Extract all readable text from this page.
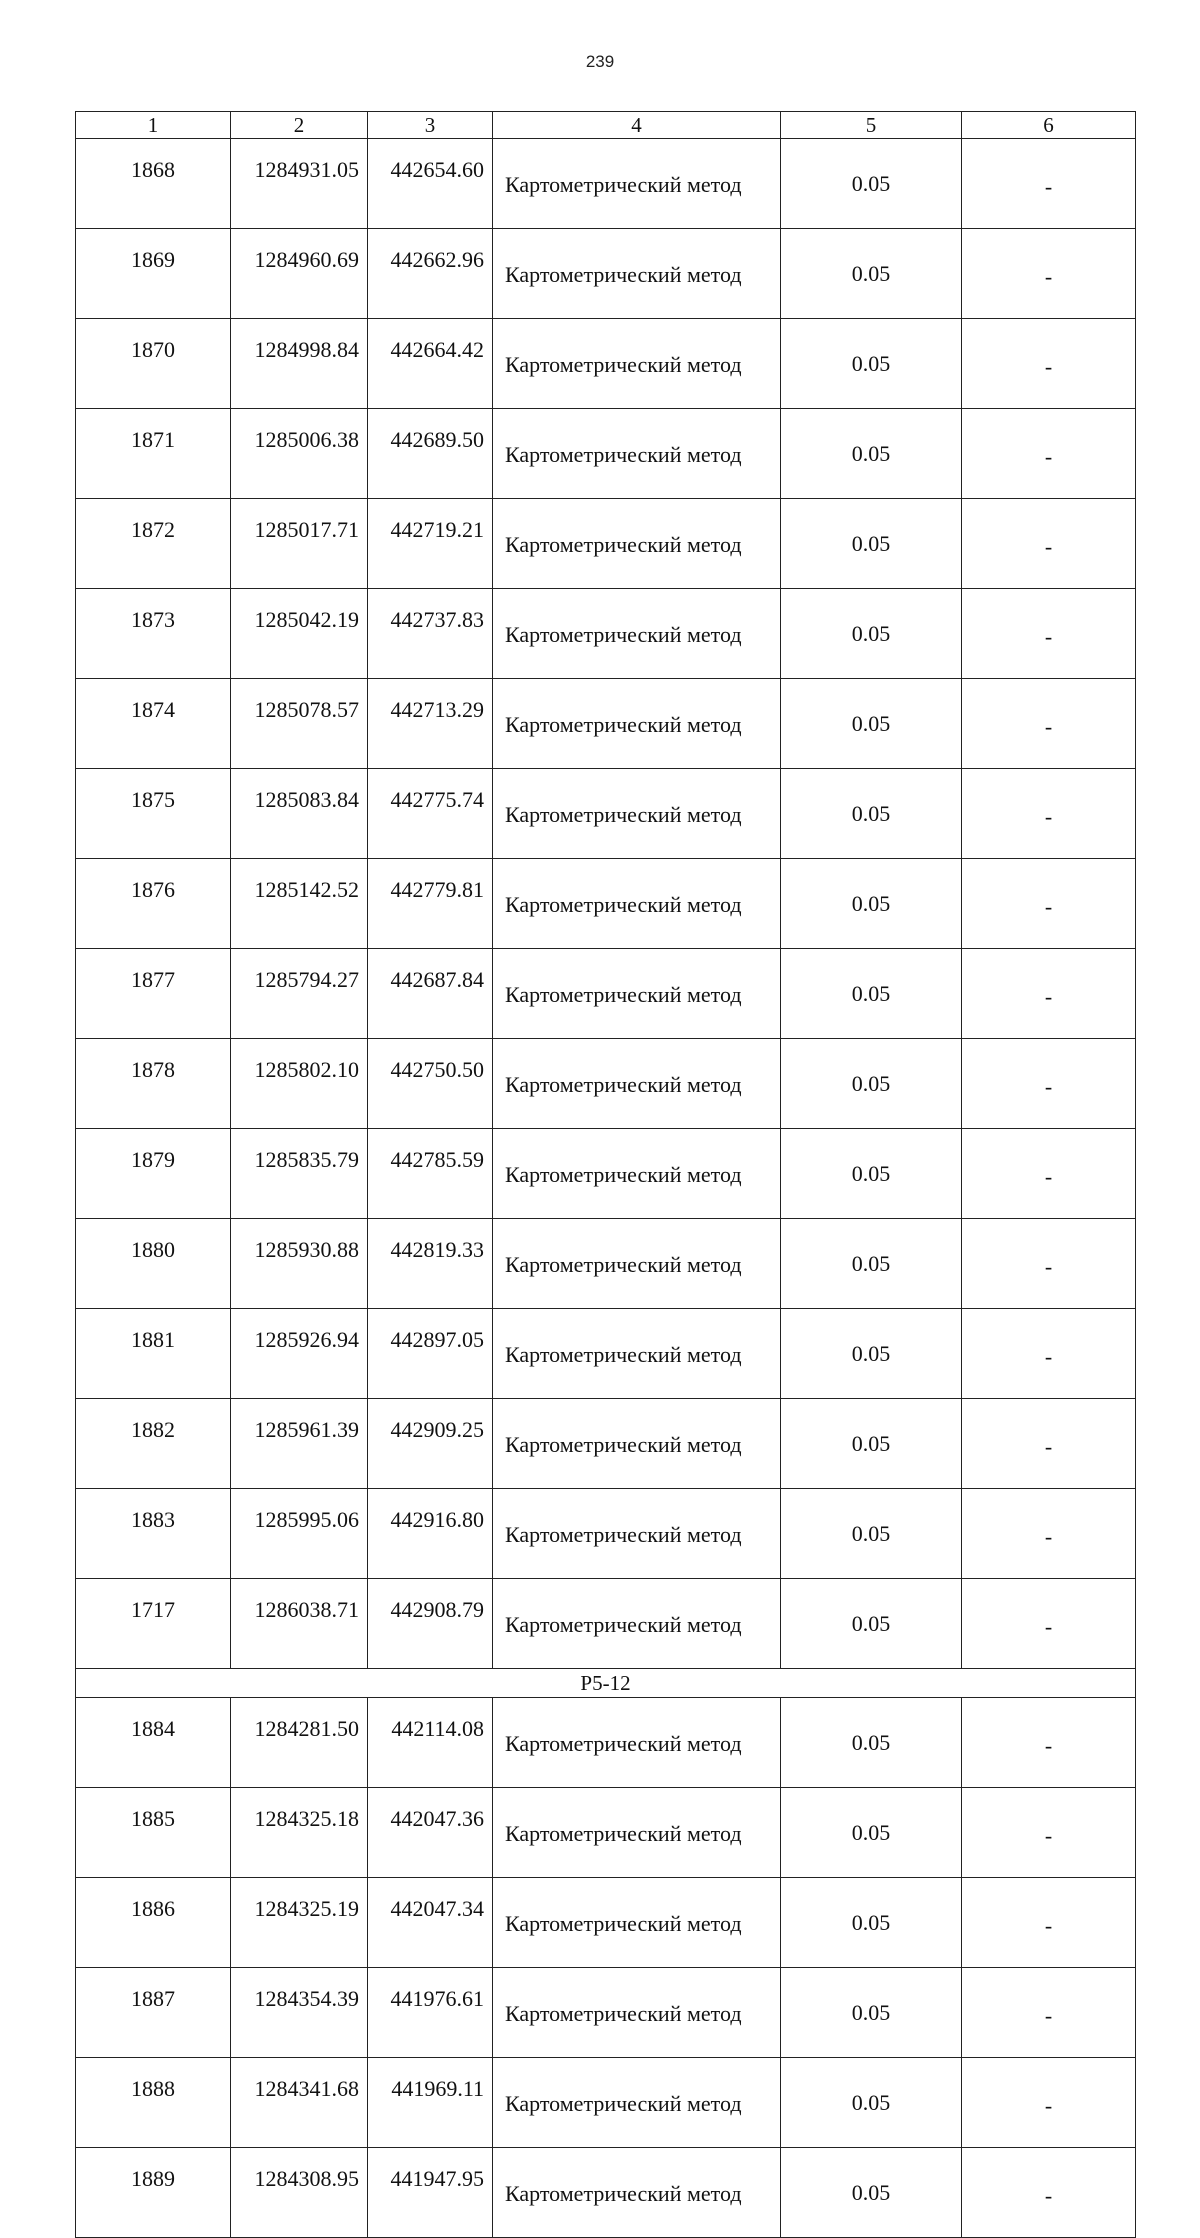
239
1	2	3	4	5	6
1868	1284931.05	442654.60	Картометрический метод	0.05	-
1869	1284960.69	442662.96	Картометрический метод	0.05	-
1870	1284998.84	442664.42	Картометрический метод	0.05	-
1871	1285006.38	442689.50	Картометрический метод	0.05	-
1872	1285017.71	442719.21	Картометрический метод	0.05	-
1873	1285042.19	442737.83	Картометрический метод	0.05	-
1874	1285078.57	442713.29	Картометрический метод	0.05	-
1875	1285083.84	442775.74	Картометрический метод	0.05	-
1876	1285142.52	442779.81	Картометрический метод	0.05	-
1877	1285794.27	442687.84	Картометрический метод	0.05	-
1878	1285802.10	442750.50	Картометрический метод	0.05	-
1879	1285835.79	442785.59	Картометрический метод	0.05	-
1880	1285930.88	442819.33	Картометрический метод	0.05	-
1881	1285926.94	442897.05	Картометрический метод	0.05	-
1882	1285961.39	442909.25	Картометрический метод	0.05	-
1883	1285995.06	442916.80	Картометрический метод	0.05	-
1717	1286038.71	442908.79	Картометрический метод	0.05	-
Р5-12					
1884	1284281.50	442114.08	Картометрический метод	0.05	-
1885	1284325.18	442047.36	Картометрический метод	0.05	-
1886	1284325.19	442047.34	Картометрический метод	0.05	-
1887	1284354.39	441976.61	Картометрический метод	0.05	-
1888	1284341.68	441969.11	Картометрический метод	0.05	-
1889	1284308.95	441947.95	Картометрический метод	0.05	-
